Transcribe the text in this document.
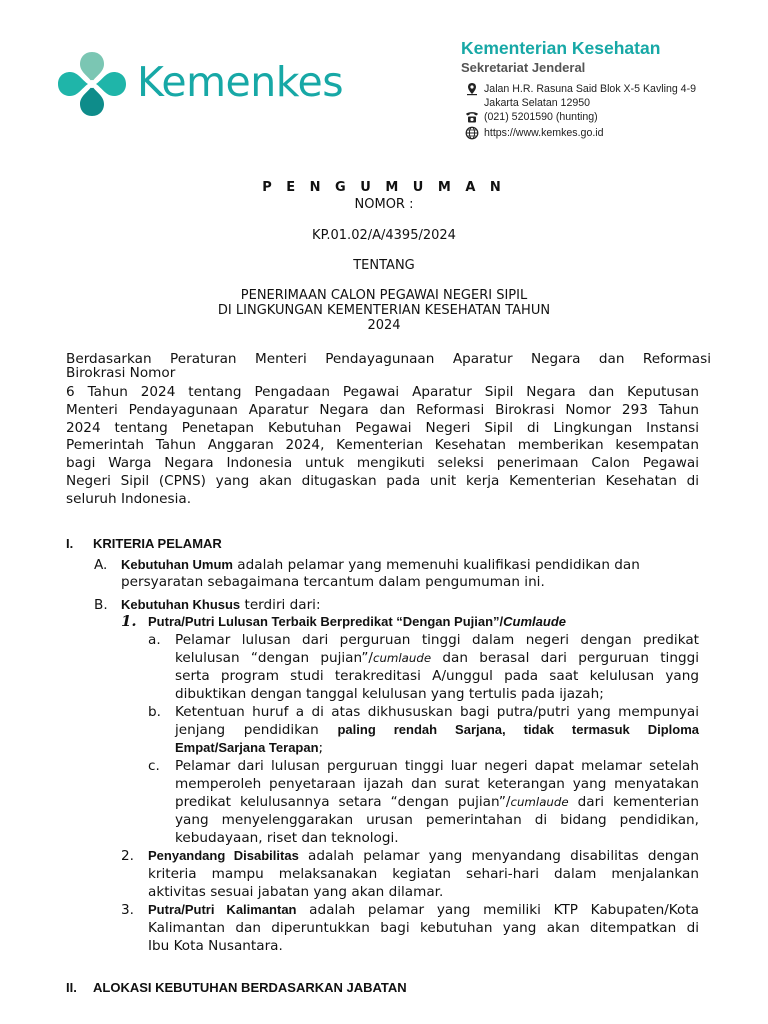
Kemenkes
Kementerian Kesehatan
Sekretariat Jenderal
Jalan H.R. Rasuna Said Blok X-5 Kavling 4-9
Jakarta Selatan 12950
(021) 5201590 (hunting)
https://www.kemkes.go.id
P E N G U M U M A N
NOMOR :
KP.01.02/A/4395/2024
TENTANG
PENERIMAAN CALON PEGAWAI NEGERI SIPIL
DI LINGKUNGAN KEMENTERIAN KESEHATAN TAHUN
2024
Berdasarkan Peraturan Menteri Pendayagunaan Aparatur Negara dan Reformasi
Birokrasi Nomor
6 Tahun 2024 tentang Pengadaan Pegawai Aparatur Sipil Negara dan Keputusan
Menteri Pendayagunaan Aparatur Negara dan Reformasi Birokrasi Nomor 293 Tahun
2024 tentang Penetapan Kebutuhan Pegawai Negeri Sipil di Lingkungan Instansi
Pemerintah Tahun Anggaran 2024, Kementerian Kesehatan memberikan kesempatan
bagi Warga Negara Indonesia untuk mengikuti seleksi penerimaan Calon Pegawai
Negeri Sipil (CPNS) yang akan ditugaskan pada unit kerja Kementerian Kesehatan di
seluruh Indonesia.
I. KRITERIA PELAMAR
A. Kebutuhan Umum adalah pelamar yang memenuhi kualifikasi pendidikan dan
persyaratan sebagaimana tercantum dalam pengumuman ini.
B. Kebutuhan Khusus terdiri dari:
1. Putra/Putri Lulusan Terbaik Berpredikat “Dengan Pujian”/Cumlaude
a. Pelamar lulusan dari perguruan tinggi dalam negeri dengan predikat
kelulusan “dengan pujian”/cumlaude dan berasal dari perguruan tinggi
serta program studi terakreditasi A/unggul pada saat kelulusan yang
dibuktikan dengan tanggal kelulusan yang tertulis pada ijazah;
b. Ketentuan huruf a di atas dikhususkan bagi putra/putri yang mempunyai
jenjang pendidikan paling rendah Sarjana, tidak termasuk Diploma
Empat/Sarjana Terapan;
c. Pelamar dari lulusan perguruan tinggi luar negeri dapat melamar setelah
memperoleh penyetaraan ijazah dan surat keterangan yang menyatakan
predikat kelulusannya setara “dengan pujian”/cumlaude dari kementerian
yang menyelenggarakan urusan pemerintahan di bidang pendidikan,
kebudayaan, riset dan teknologi.
2. Penyandang Disabilitas adalah pelamar yang menyandang disabilitas dengan
kriteria mampu melaksanakan kegiatan sehari-hari dalam menjalankan
aktivitas sesuai jabatan yang akan dilamar.
3. Putra/Putri Kalimantan adalah pelamar yang memiliki KTP Kabupaten/Kota
Kalimantan dan diperuntukkan bagi kebutuhan yang akan ditempatkan di
Ibu Kota Nusantara.
II. ALOKASI KEBUTUHAN BERDASARKAN JABATAN
